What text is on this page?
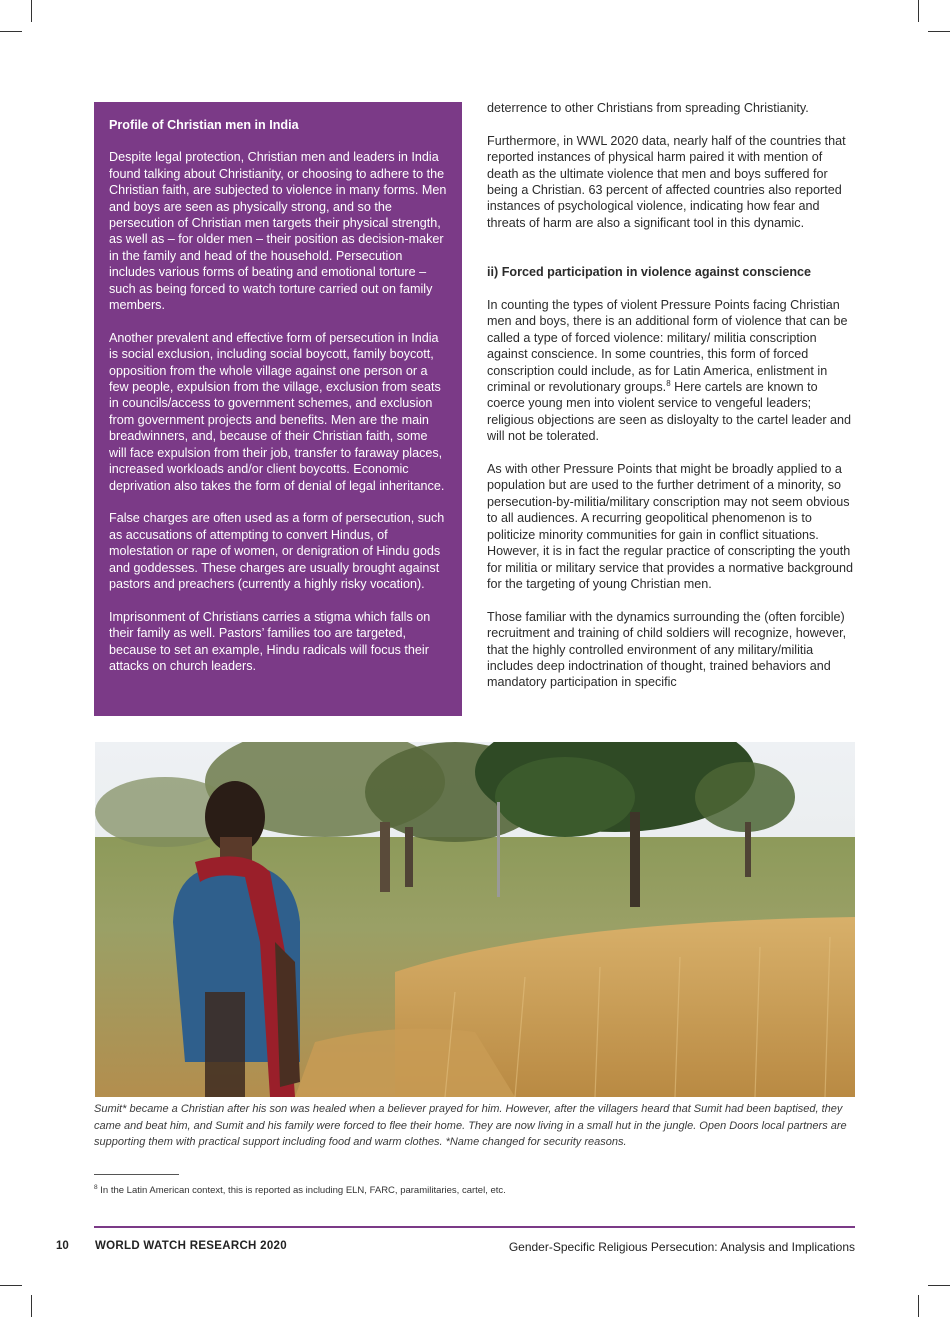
Profile of Christian men in India

Despite legal protection, Christian men and leaders in India found talking about Christianity, or choosing to adhere to the Christian faith, are subjected to violence in many forms. Men and boys are seen as physically strong, and so the persecution of Christian men targets their physical strength, as well as – for older men – their position as decision-maker in the family and head of the household. Persecution includes various forms of beating and emotional torture – such as being forced to watch torture carried out on family members.

Another prevalent and effective form of persecution in India is social exclusion, including social boycott, family boycott, opposition from the whole village against one person or a few people, expulsion from the village, exclusion from seats in councils/access to government schemes, and exclusion from government projects and benefits. Men are the main breadwinners, and, because of their Christian faith, some will face expulsion from their job, transfer to faraway places, increased workloads and/or client boycotts. Economic deprivation also takes the form of denial of legal inheritance.

False charges are often used as a form of persecution, such as accusations of attempting to convert Hindus, of molestation or rape of women, or denigration of Hindu gods and goddesses. These charges are usually brought against pastors and preachers (currently a highly risky vocation).

Imprisonment of Christians carries a stigma which falls on their family as well. Pastors’ families too are targeted, because to set an example, Hindu radicals will focus their attacks on church leaders.

deterrence to other Christians from spreading Christianity.

Furthermore, in WWL 2020 data, nearly half of the countries that reported instances of physical harm paired it with mention of death as the ultimate violence that men and boys suffered for being a Christian. 63 percent of affected countries also reported instances of psychological violence, indicating how fear and threats of harm are also a significant tool in this dynamic.

ii) Forced participation in violence against conscience

In counting the types of violent Pressure Points facing Christian men and boys, there is an additional form of violence that can be called a type of forced violence: military/ militia conscription against conscience. In some countries, this form of forced conscription could include, as for Latin America, enlistment in criminal or revolutionary groups.$^8$ Here cartels are known to coerce young men into violent service to vengeful leaders; religious objections are seen as disloyalty to the cartel leader and will not be tolerated.

As with other Pressure Points that might be broadly applied to a population but are used to the further detriment of a minority, so persecution-by-militia/military conscription may not seem obvious to all audiences. A recurring geopolitical phenomenon is to politicize minority communities for gain in conflict situations. However, it is in fact the regular practice of conscripting the youth for militia or military service that provides a normative background for the targeting of young Christian men.

Those familiar with the dynamics surrounding the (often forcible) recruitment and training of child soldiers will recognize, however, that the highly controlled environment of any military/militia includes deep indoctrination of thought, trained behaviors and mandatory participation in specific

Sumit* became a Christian after his son was healed when a believer prayed for him. However, after the villagers heard that Sumit had been baptised, they came and beat him, and Sumit and his family were forced to flee their home. They are now living in a small hut in the jungle. Open Doors local partners are supporting them with practical support including food and warm clothes. *Name changed for security reasons.
$^8$ In the Latin American context, this is reported as including ELN, FARC, paramilitaries, cartel, etc.
10 WORLD WATCH RESEARCH 2020	Gender-Specific Religious Persecution: Analysis and Implications
